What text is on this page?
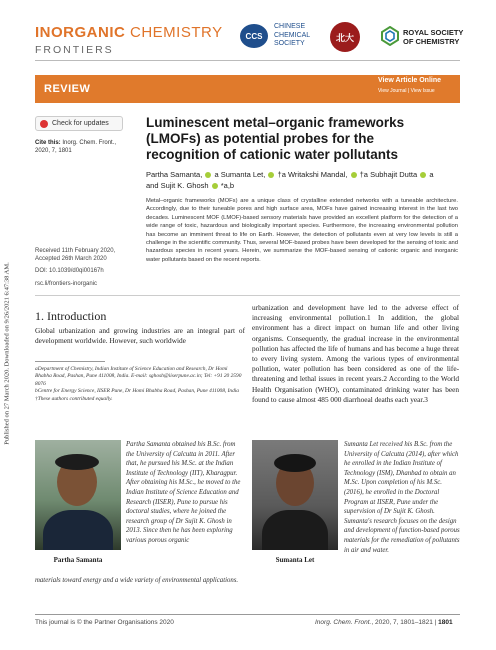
Published on 27 March 2020. Downloaded on 9/26/2021 6:47:38 AM.
INORGANIC CHEMISTRY
FRONTIERS
CCS
CHINESE
CHEMICAL
SOCIETY
北大	ROYAL SOCIETY
OF CHEMISTRY
REVIEW
View Article Online
View Journal | View Issue
Check for updates
Cite this: Inorg. Chem. Front., 2020, 7, 1801
Luminescent metal–organic frameworks (LMOFs) as potential probes for the recognition of cationic water pollutants
Partha Samanta, a Sumanta Let, †a Writakshi Mandal, †a Subhajit Dutta a
and Sujit K. Ghosh *a,b
Metal–organic frameworks (MOFs) are a unique class of crystalline extended networks with a tuneable architecture. Accordingly, due to their tuneable pores and high surface area, MOFs have gained increasing interest in the last two decades. Luminescent MOF (LMOF)-based sensory materials have provided an excellent platform for the detection of a wide range of toxic, hazardous and biologically important species. Furthermore, the increasing environmental pollution has become an imminent threat to life on Earth. However, the detection of pollutants even at very low levels is still a challenge in the scientific community. Thus, several MOF-based probes have been developed for the sensing of toxic and hazardous species in recent years. Herein, we summarize the MOF-based sensing of cationic organic and inorganic water pollutants based on the recent reports.
Received 11th February 2020,
Accepted 26th March 2020
DOI: 10.1039/d0qi00167h
rsc.li/frontiers-inorganic
1. Introduction
Global urbanization and growing industries are an integral part of development worldwide. However, such worldwide
urbanization and development have led to the adverse effect of increasing environmental pollution.1 In addition, the global environment has a direct impact on human life and other living organisms. Consequently, the gradual increase in the environmental pollution has affected the life of humans and has become a huge threat to every living system. Among the various types of environmental pollution, water pollution has been considered as one of the life-threatening and lethal issues in recent years.2 According to the World Health Organisation (WHO), contaminated drinking water has been found to cause almost 485 000 diarrhoeal deaths each year.3
aDepartment of Chemistry, Indian Institute of Science Education and Research, Dr Homi Bhabha Road, Pashan, Pune 411008, India. E-mail: sghosh@iiserpune.ac.in; Tel: +91 20 2590 8076
bCentre for Energy Science, IISER Pune, Dr Homi Bhabha Road, Pashan, Pune 411008, India
†These authors contributed equally.
Partha Samanta
Partha Samanta obtained his B.Sc. from the University of Calcutta in 2011. After that, he pursued his M.Sc. at the Indian Institute of Technology (IIT), Kharagpur. After obtaining his M.Sc., he moved to the Indian Institute of Science Education and Research (IISER), Pune to pursue his doctoral studies, where he joined the research group of Dr Sujit K. Ghosh in 2013. Since then he has been exploring various porous organic
materials toward energy and a wide variety of environmental applications.
Sumanta Let
Sumanta Let received his B.Sc. from the University of Calcutta (2014), after which he enrolled in the Indian Institute of Technology (ISM), Dhanbad to obtain an M.Sc. Upon completion of his M.Sc. (2016), he enrolled in the Doctoral Program at IISER, Pune under the supervision of Dr Sujit K. Ghosh. Sumanta's research focuses on the design and development of function-based porous materials for the remediation of pollutants in air and water.
This journal is © the Partner Organisations 2020	Inorg. Chem. Front., 2020, 7, 1801–1821 | 1801
